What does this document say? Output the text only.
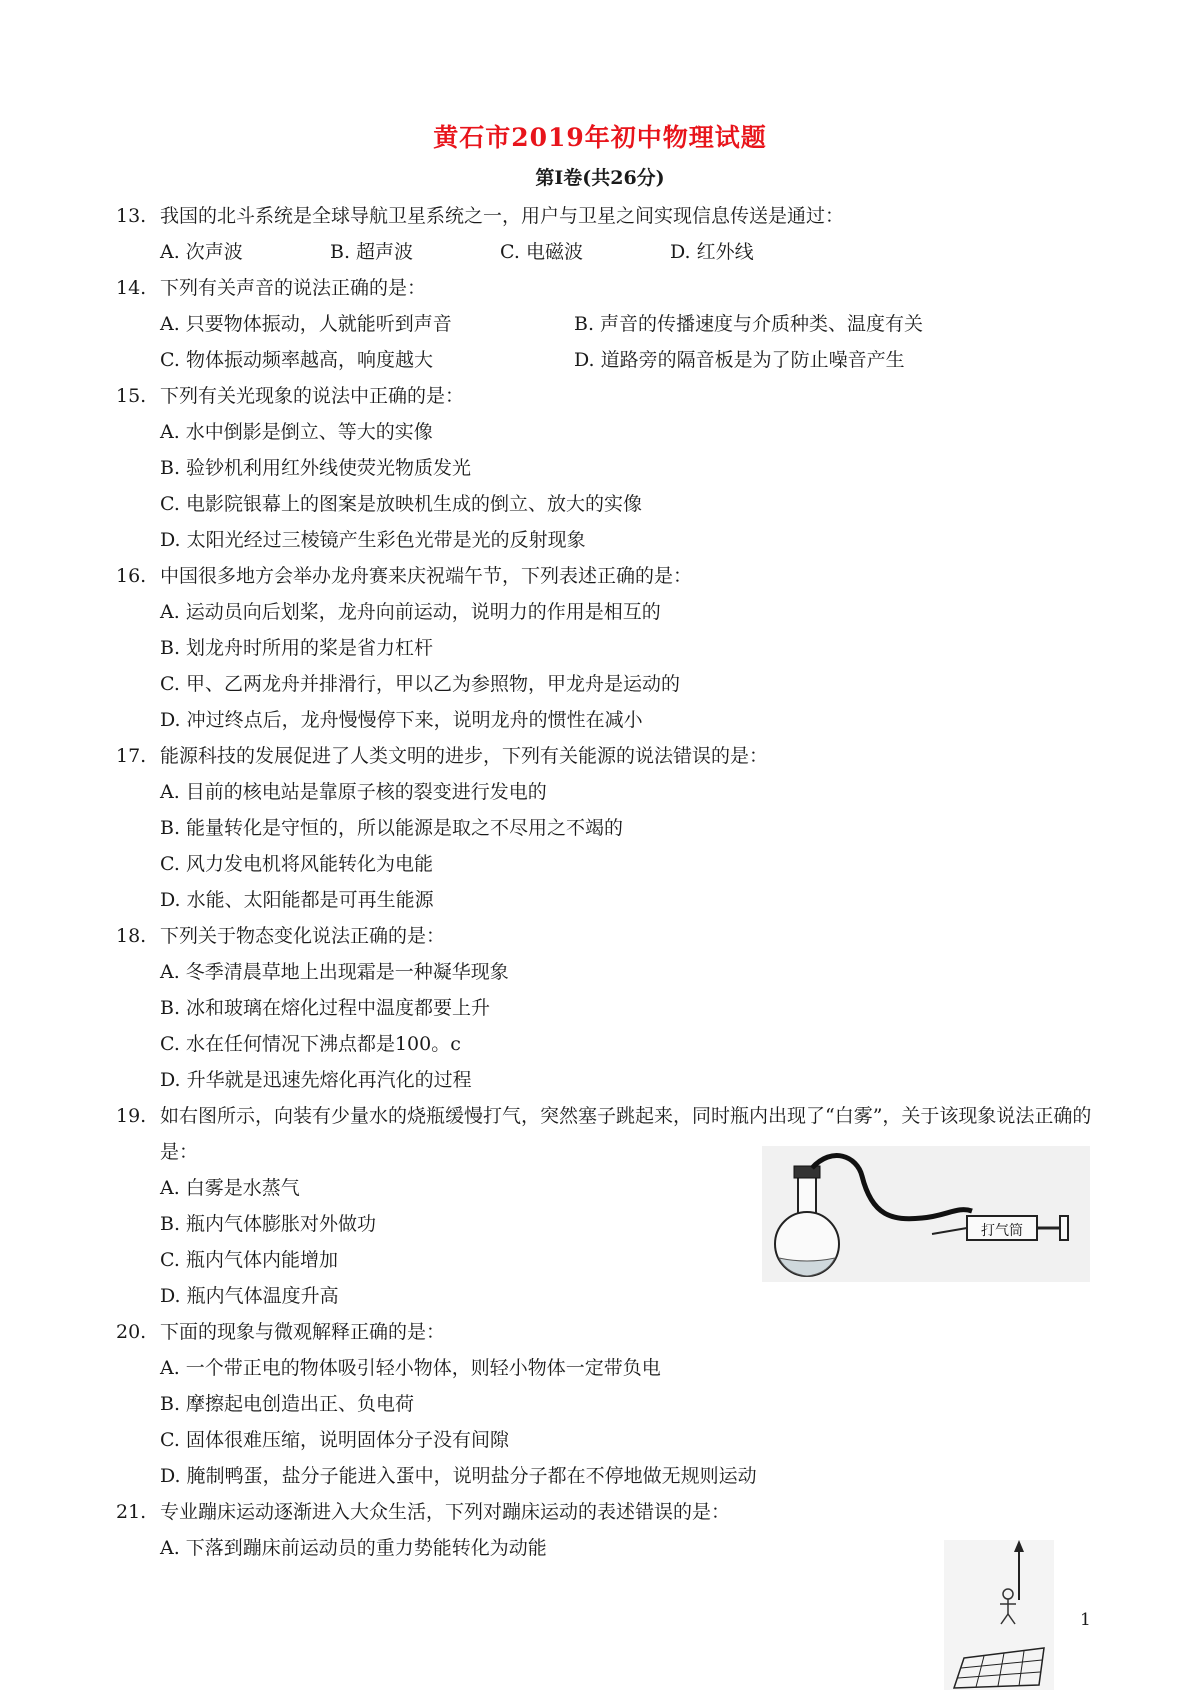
黄石市2019年初中物理试题
第Ⅰ卷(共26分)
13. 我国的北斗系统是全球导航卫星系统之一，用户与卫星之间实现信息传送是通过：
A. 次声波	B. 超声波	C. 电磁波	D. 红外线
14. 下列有关声音的说法正确的是：
A. 只要物体振动，人就能听到声音	B. 声音的传播速度与介质种类、温度有关
C. 物体振动频率越高，响度越大	D. 道路旁的隔音板是为了防止噪音产生
15. 下列有关光现象的说法中正确的是：
A. 水中倒影是倒立、等大的实像
B. 验钞机利用红外线使荧光物质发光
C. 电影院银幕上的图案是放映机生成的倒立、放大的实像
D. 太阳光经过三棱镜产生彩色光带是光的反射现象
16. 中国很多地方会举办龙舟赛来庆祝端午节，下列表述正确的是：
A. 运动员向后划桨，龙舟向前运动，说明力的作用是相互的
B. 划龙舟时所用的桨是省力杠杆
C. 甲、乙两龙舟并排滑行，甲以乙为参照物，甲龙舟是运动的
D. 冲过终点后，龙舟慢慢停下来，说明龙舟的惯性在减小
17. 能源科技的发展促进了人类文明的进步，下列有关能源的说法错误的是：
A. 目前的核电站是靠原子核的裂变进行发电的
B. 能量转化是守恒的，所以能源是取之不尽用之不竭的
C. 风力发电机将风能转化为电能
D. 水能、太阳能都是可再生能源
18. 下列关于物态变化说法正确的是：
A. 冬季清晨草地上出现霜是一种凝华现象
B. 冰和玻璃在熔化过程中温度都要上升
C. 水在任何情况下沸点都是100。c
D. 升华就是迅速先熔化再汽化的过程
19. 如右图所示，向装有少量水的烧瓶缓慢打气，突然塞子跳起来，同时瓶内出现了“白雾”，关于该现象说法正确的是：
A. 白雾是水蒸气
B. 瓶内气体膨胀对外做功
C. 瓶内气体内能增加
D. 瓶内气体温度升高
20. 下面的现象与微观解释正确的是：
A. 一个带正电的物体吸引轻小物体，则轻小物体一定带负电
B. 摩擦起电创造出正、负电荷
C. 固体很难压缩，说明固体分子没有间隙
D. 腌制鸭蛋，盐分子能进入蛋中，说明盐分子都在不停地做无规则运动
21. 专业蹦床运动逐渐进入大众生活，下列对蹦床运动的表述错误的是：
A. 下落到蹦床前运动员的重力势能转化为动能
打气筒
1
